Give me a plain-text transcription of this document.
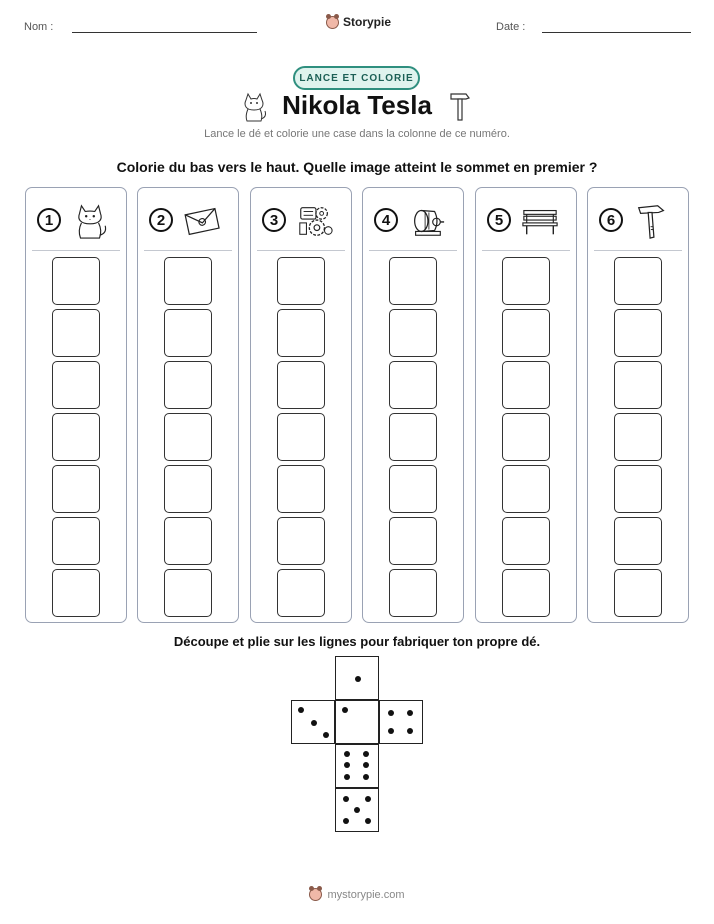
Nom :	Storypie	Date :
LANCE ET COLORIE
Nikola Tesla
Lance le dé et colorie une case dans la colonne de ce numéro.
Colorie du bas vers le haut. Quelle image atteint le sommet en premier ?
1	2	3	4	5	6
Découpe et plie sur les lignes pour fabriquer ton propre dé.
mystorypie.com
